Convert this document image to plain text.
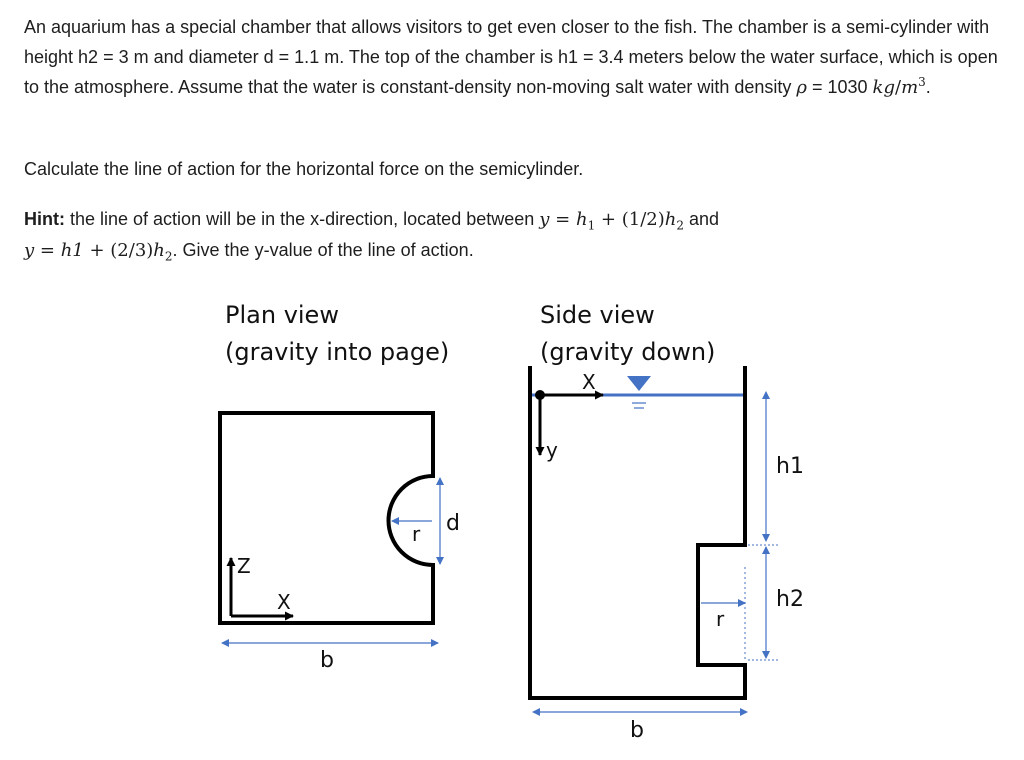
An aquarium has a special chamber that allows visitors to get even closer to the fish. The chamber is a semi-cylinder with height h2 = 3 m and diameter d = 1.1 m. The top of the chamber is h1 = 3.4 meters below the water surface, which is open to the atmosphere. Assume that the water is constant-density non-moving salt water with density ρ = 1030 $kg/m^3$.

Calculate the line of action for the horizontal force on the semicylinder.

Hint: the line of action will be in the x-direction, located between $y = h_1 + (1/2)h_2$ and
$y = h1 + (2/3)h_2$. Give the y-value of the line of action.

Plan view
(gravity into page)
Z
X
r d
b
Side view
(gravity down)
X
y
h1
h2
r
b
